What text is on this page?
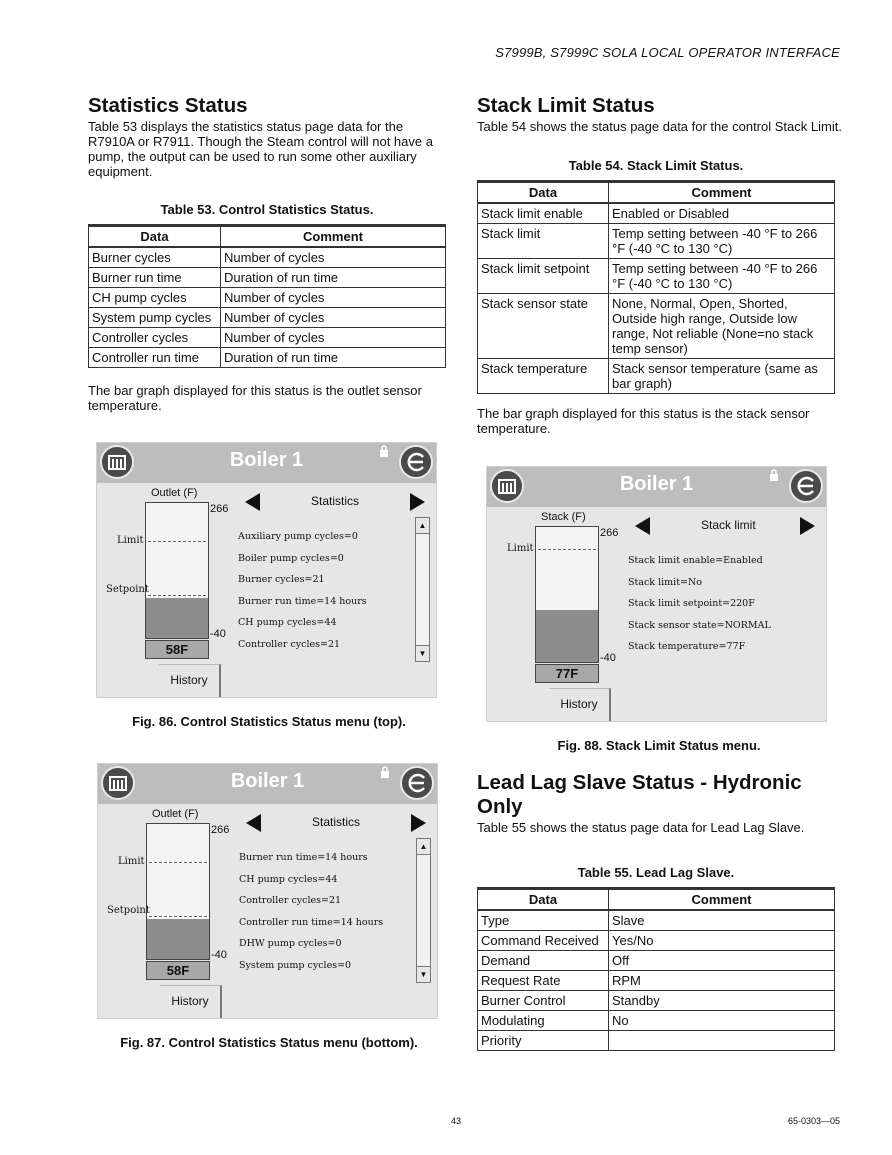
S7999B, S7999C SOLA LOCAL OPERATOR INTERFACE
Statistics Status
Table 53 displays the statistics status page data for the R7910A or R7911. Though the Steam control will not have a pump, the output can be used to run some other auxiliary equipment.
Table 53. Control Statistics Status.
Data	Comment
Burner cycles	Number of cycles
Burner run time	Duration of run time
CH pump cycles	Number of cycles
System pump cycles	Number of cycles
Controller cycles	Number of cycles
Controller run time	Duration of run time
The bar graph displayed for this status is the outlet sensor temperature.
Boiler 1
Outlet (F)
Limit
Setpoint
266
-40
58F
Statistics
Auxiliary pump cycles=0
Boiler pump cycles=0
Burner cycles=21
Burner run time=14 hours
CH pump cycles=44
Controller cycles=21
▲
▼
History
Fig. 86. Control Statistics Status menu (top).
Boiler 1
Outlet (F)
Limit
Setpoint
266
-40
58F
Statistics
Burner run time=14 hours
CH pump cycles=44
Controller cycles=21
Controller run time=14 hours
DHW pump cycles=0
System pump cycles=0
▲
▼
History
Fig. 87. Control Statistics Status menu (bottom).
Stack Limit Status
Table 54 shows the status page data for the control Stack Limit.
Table 54. Stack Limit Status.
Data	Comment
Stack limit enable	Enabled or Disabled
Stack limit	Temp setting between -40 °F to 266 °F (-40 °C to 130 °C)
Stack limit setpoint	Temp setting between -40 °F to 266 °F (-40 °C to 130 °C)
Stack sensor state	None, Normal, Open, Shorted, Outside high range, Outside low range, Not reliable (None=no stack temp sensor)
Stack temperature	Stack sensor temperature (same as bar graph)
The bar graph displayed for this status is the stack sensor temperature.
Boiler 1
Stack (F)
Limit
266
-40
77F
Stack limit
Stack limit enable=Enabled
Stack limit=No
Stack limit setpoint=220F
Stack sensor state=NORMAL
Stack temperature=77F
History
Fig. 88. Stack Limit Status menu.
Lead Lag Slave Status - Hydronic Only
Table 55 shows the status page data for Lead Lag Slave.
Table 55. Lead Lag Slave.
Data	Comment
Type	Slave
Command Received	Yes/No
Demand	Off
Request Rate	RPM
Burner Control	Standby
Modulating	No
Priority	
43	65-0303—05
